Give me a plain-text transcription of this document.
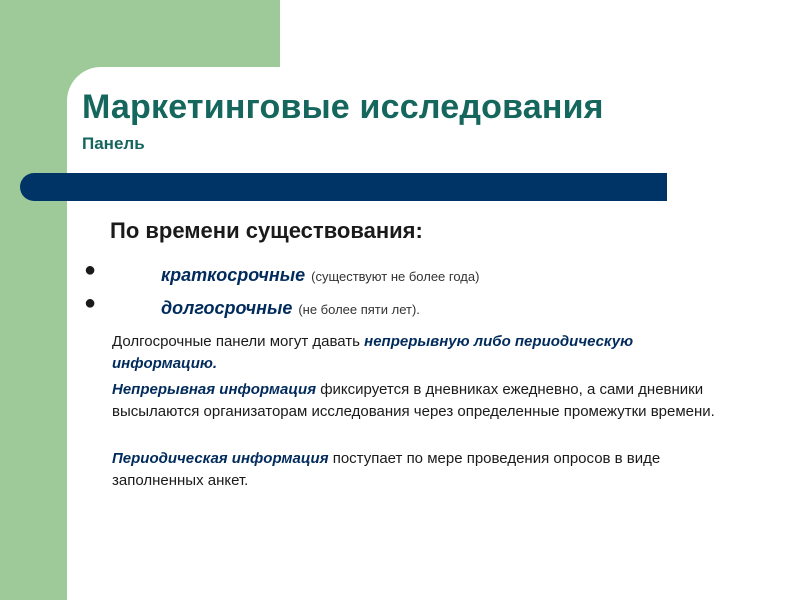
Маркетинговые исследования
Панель
По времени существования:
●	краткосрочные (существуют не более года)
●	долгосрочные (не более пяти лет).

Долгосрочные панели могут давать непрерывную либо периодическую информацию.

Непрерывная информация фиксируется в дневниках ежедневно, а сами дневники высылаются организаторам исследования через определенные промежутки времени.

Периодическая информация поступает по мере проведения опросов в виде заполненных анкет.
